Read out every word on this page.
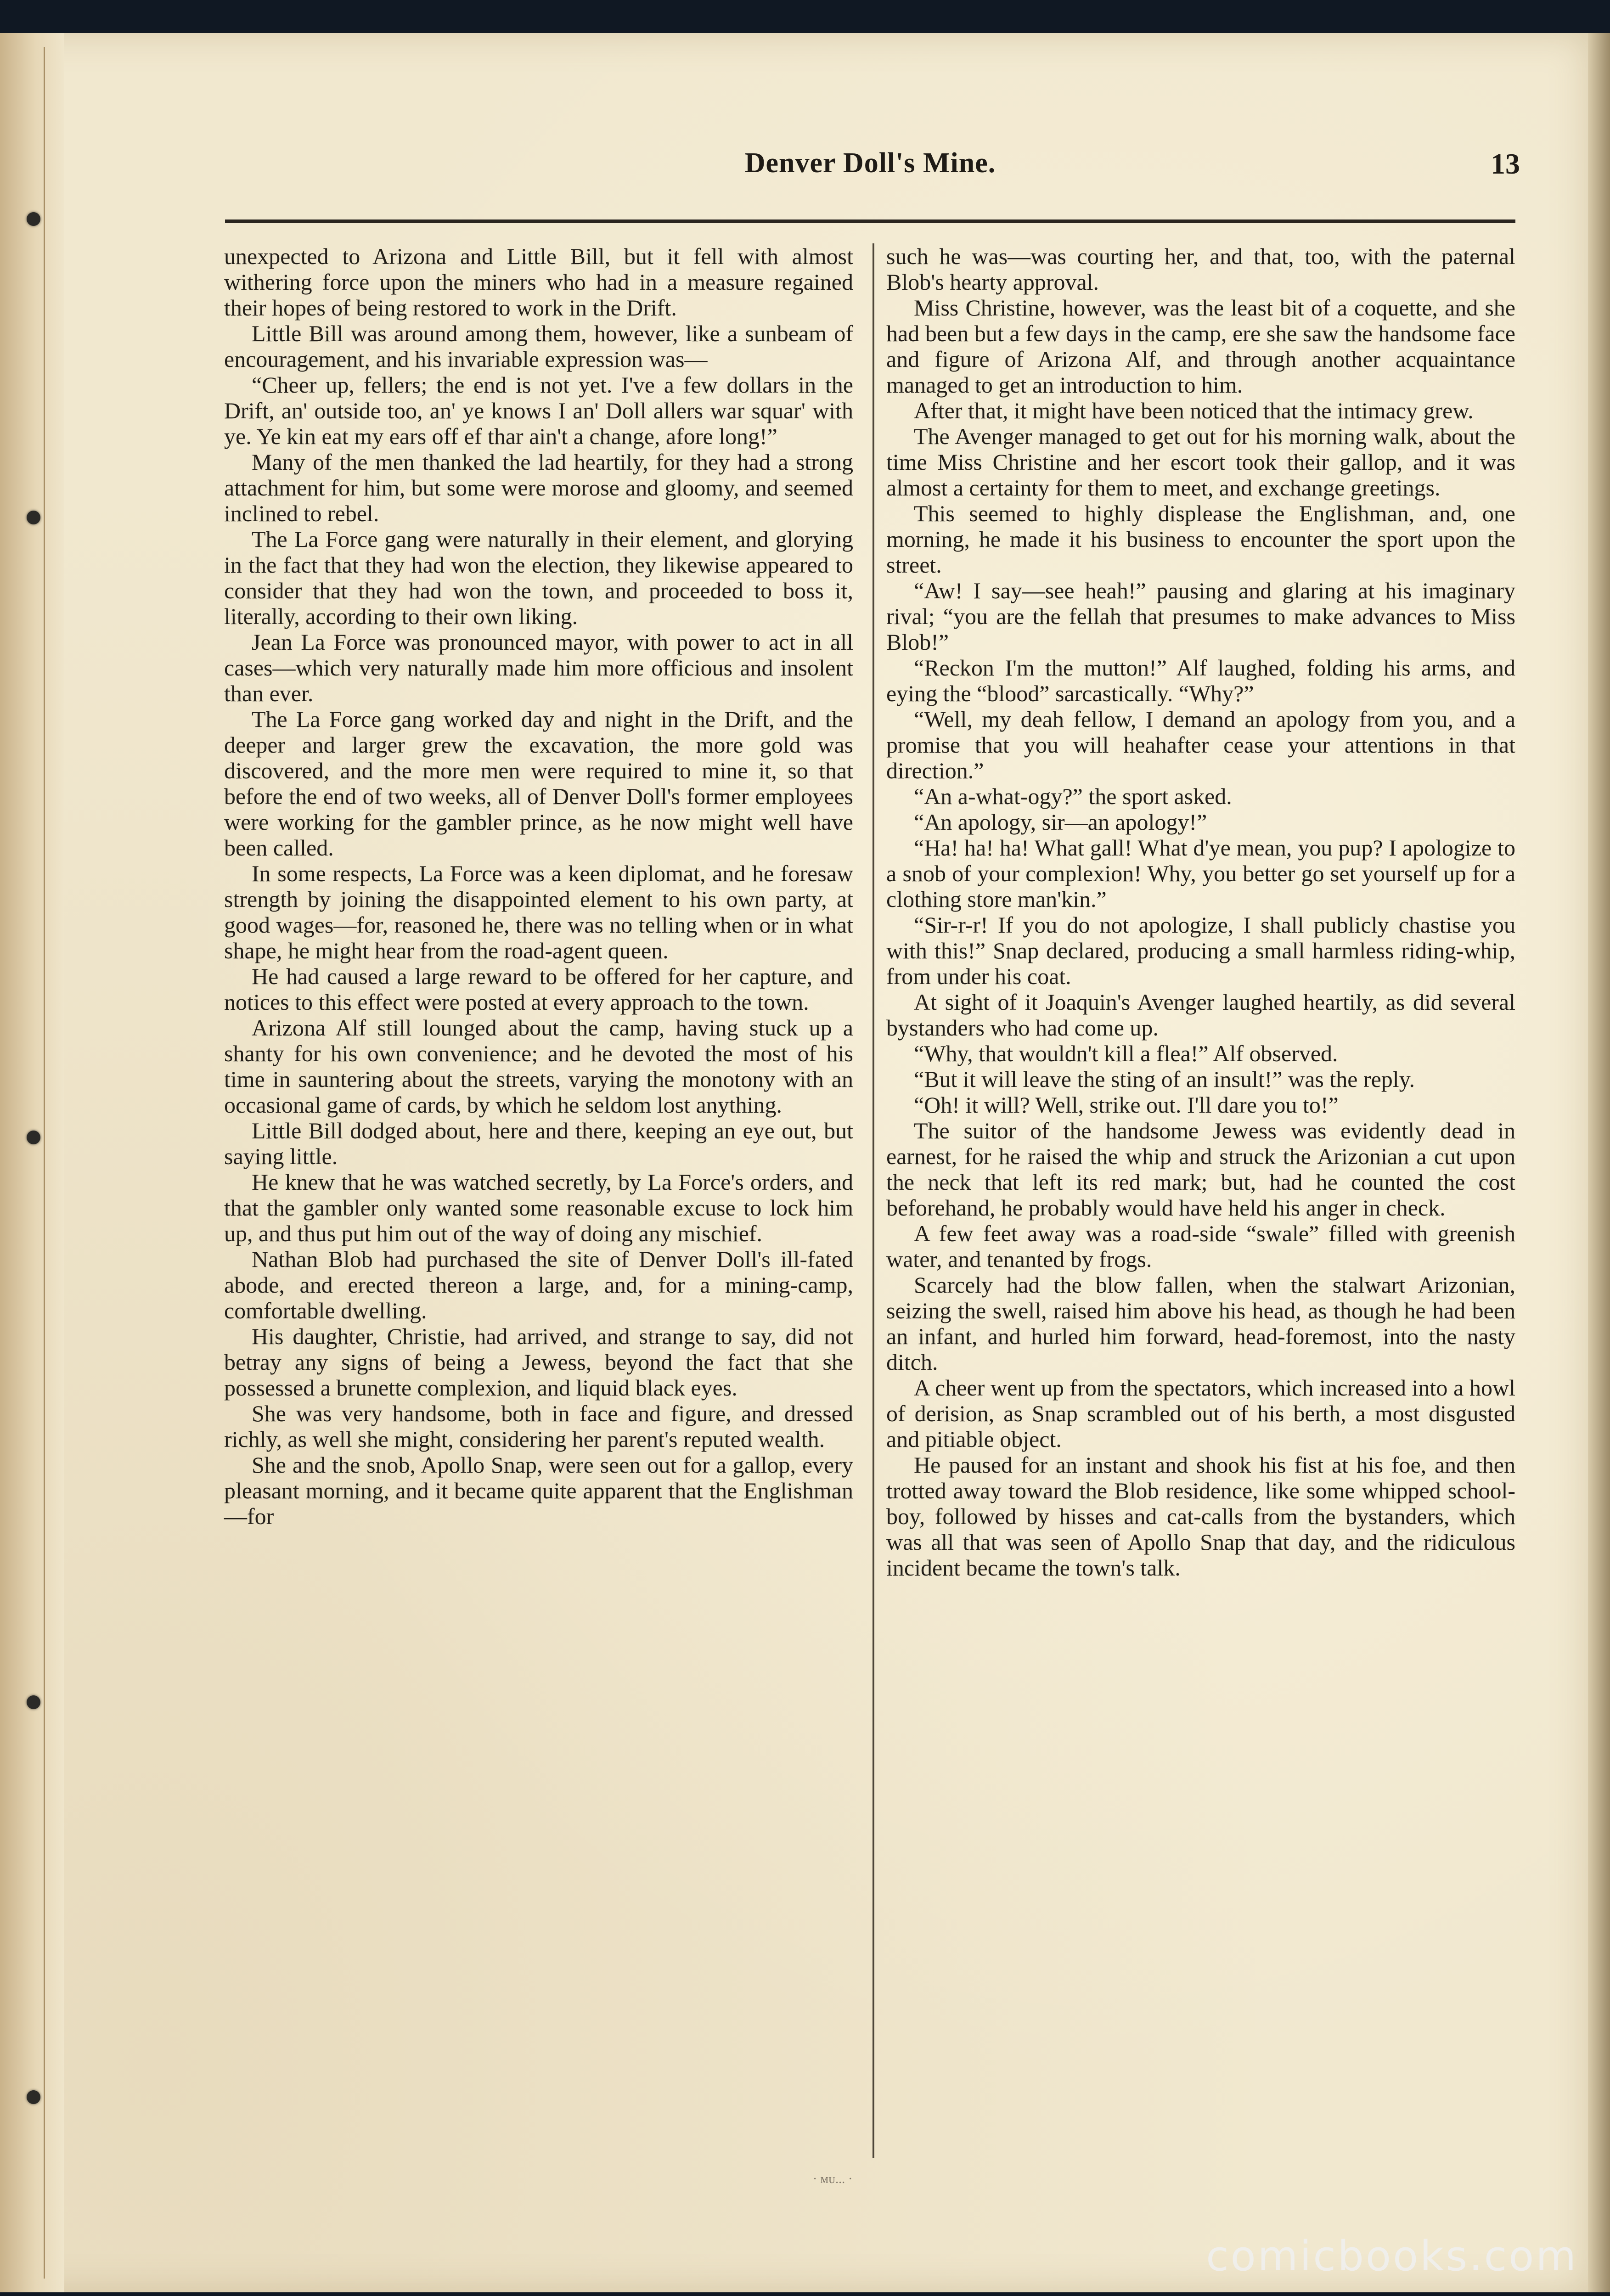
Denver Doll's Mine.	13

unexpected to Arizona and Little Bill, but it fell with almost withering force upon the miners who had in a measure regained their hopes of being restored to work in the Drift.

Little Bill was around among them, however, like a sunbeam of encouragement, and his invariable expression was—

“Cheer up, fellers; the end is not yet. I've a few dollars in the Drift, an' outside too, an' ye knows I an' Doll allers war squar' with ye. Ye kin eat my ears off ef thar ain't a change, afore long!”

Many of the men thanked the lad heartily, for they had a strong attachment for him, but some were morose and gloomy, and seemed inclined to rebel.

The La Force gang were naturally in their element, and glorying in the fact that they had won the election, they likewise appeared to consider that they had won the town, and proceeded to boss it, literally, according to their own liking.

Jean La Force was pronounced mayor, with power to act in all cases—which very naturally made him more officious and insolent than ever.

The La Force gang worked day and night in the Drift, and the deeper and larger grew the excavation, the more gold was discovered, and the more men were required to mine it, so that before the end of two weeks, all of Denver Doll's former employees were working for the gambler prince, as he now might well have been called.

In some respects, La Force was a keen diplomat, and he foresaw strength by joining the disappointed element to his own party, at good wages—for, reasoned he, there was no telling when or in what shape, he might hear from the road-agent queen.

He had caused a large reward to be offered for her capture, and notices to this effect were posted at every approach to the town.

Arizona Alf still lounged about the camp, having stuck up a shanty for his own convenience; and he devoted the most of his time in sauntering about the streets, varying the monotony with an occasional game of cards, by which he seldom lost anything.

Little Bill dodged about, here and there, keeping an eye out, but saying little.

He knew that he was watched secretly, by La Force's orders, and that the gambler only wanted some reasonable excuse to lock him up, and thus put him out of the way of doing any mischief.

Nathan Blob had purchased the site of Denver Doll's ill-fated abode, and erected thereon a large, and, for a mining-camp, comfortable dwelling.

His daughter, Christie, had arrived, and strange to say, did not betray any signs of being a Jewess, beyond the fact that she possessed a brunette complexion, and liquid black eyes.

She was very handsome, both in face and figure, and dressed richly, as well she might, considering her parent's reputed wealth.

She and the snob, Apollo Snap, were seen out for a gallop, every pleasant morning, and it became quite apparent that the Englishman—for

such he was—was courting her, and that, too, with the paternal Blob's hearty approval.

Miss Christine, however, was the least bit of a coquette, and she had been but a few days in the camp, ere she saw the handsome face and figure of Arizona Alf, and through another acquaintance managed to get an introduction to him.

After that, it might have been noticed that the intimacy grew.

The Avenger managed to get out for his morning walk, about the time Miss Christine and her escort took their gallop, and it was almost a certainty for them to meet, and exchange greetings.

This seemed to highly displease the Englishman, and, one morning, he made it his business to encounter the sport upon the street.

“Aw! I say—see heah!” pausing and glaring at his imaginary rival; “you are the fellah that presumes to make advances to Miss Blob!”

“Reckon I'm the mutton!” Alf laughed, folding his arms, and eying the “blood” sarcastically. “Why?”

“Well, my deah fellow, I demand an apology from you, and a promise that you will heahafter cease your attentions in that direction.”

“An a-what-ogy?” the sport asked.

“An apology, sir—an apology!”

“Ha! ha! ha! What gall! What d'ye mean, you pup? I apologize to a snob of your complexion! Why, you better go set yourself up for a clothing store man'kin.”

“Sir-r-r! If you do not apologize, I shall publicly chastise you with this!” Snap declared, producing a small harmless riding-whip, from under his coat.

At sight of it Joaquin's Avenger laughed heartily, as did several bystanders who had come up.

“Why, that wouldn't kill a flea!” Alf observed.

“But it will leave the sting of an insult!” was the reply.

“Oh! it will? Well, strike out. I'll dare you to!”

The suitor of the handsome Jewess was evidently dead in earnest, for he raised the whip and struck the Arizonian a cut upon the neck that left its red mark; but, had he counted the cost beforehand, he probably would have held his anger in check.

A few feet away was a road-side “swale” filled with greenish water, and tenanted by frogs.

Scarcely had the blow fallen, when the stalwart Arizonian, seizing the swell, raised him above his head, as though he had been an infant, and hurled him forward, head-foremost, into the nasty ditch.

A cheer went up from the spectators, which increased into a howl of derision, as Snap scrambled out of his berth, a most disgusted and pitiable object.

He paused for an instant and shook his fist at his foe, and then trotted away toward the Blob residence, like some whipped school-boy, followed by hisses and cat-calls from the bystanders, which was all that was seen of Apollo Snap that day, and the ridiculous incident became the town's talk.

· ᴍᴜ... ·
comicbooks.com
